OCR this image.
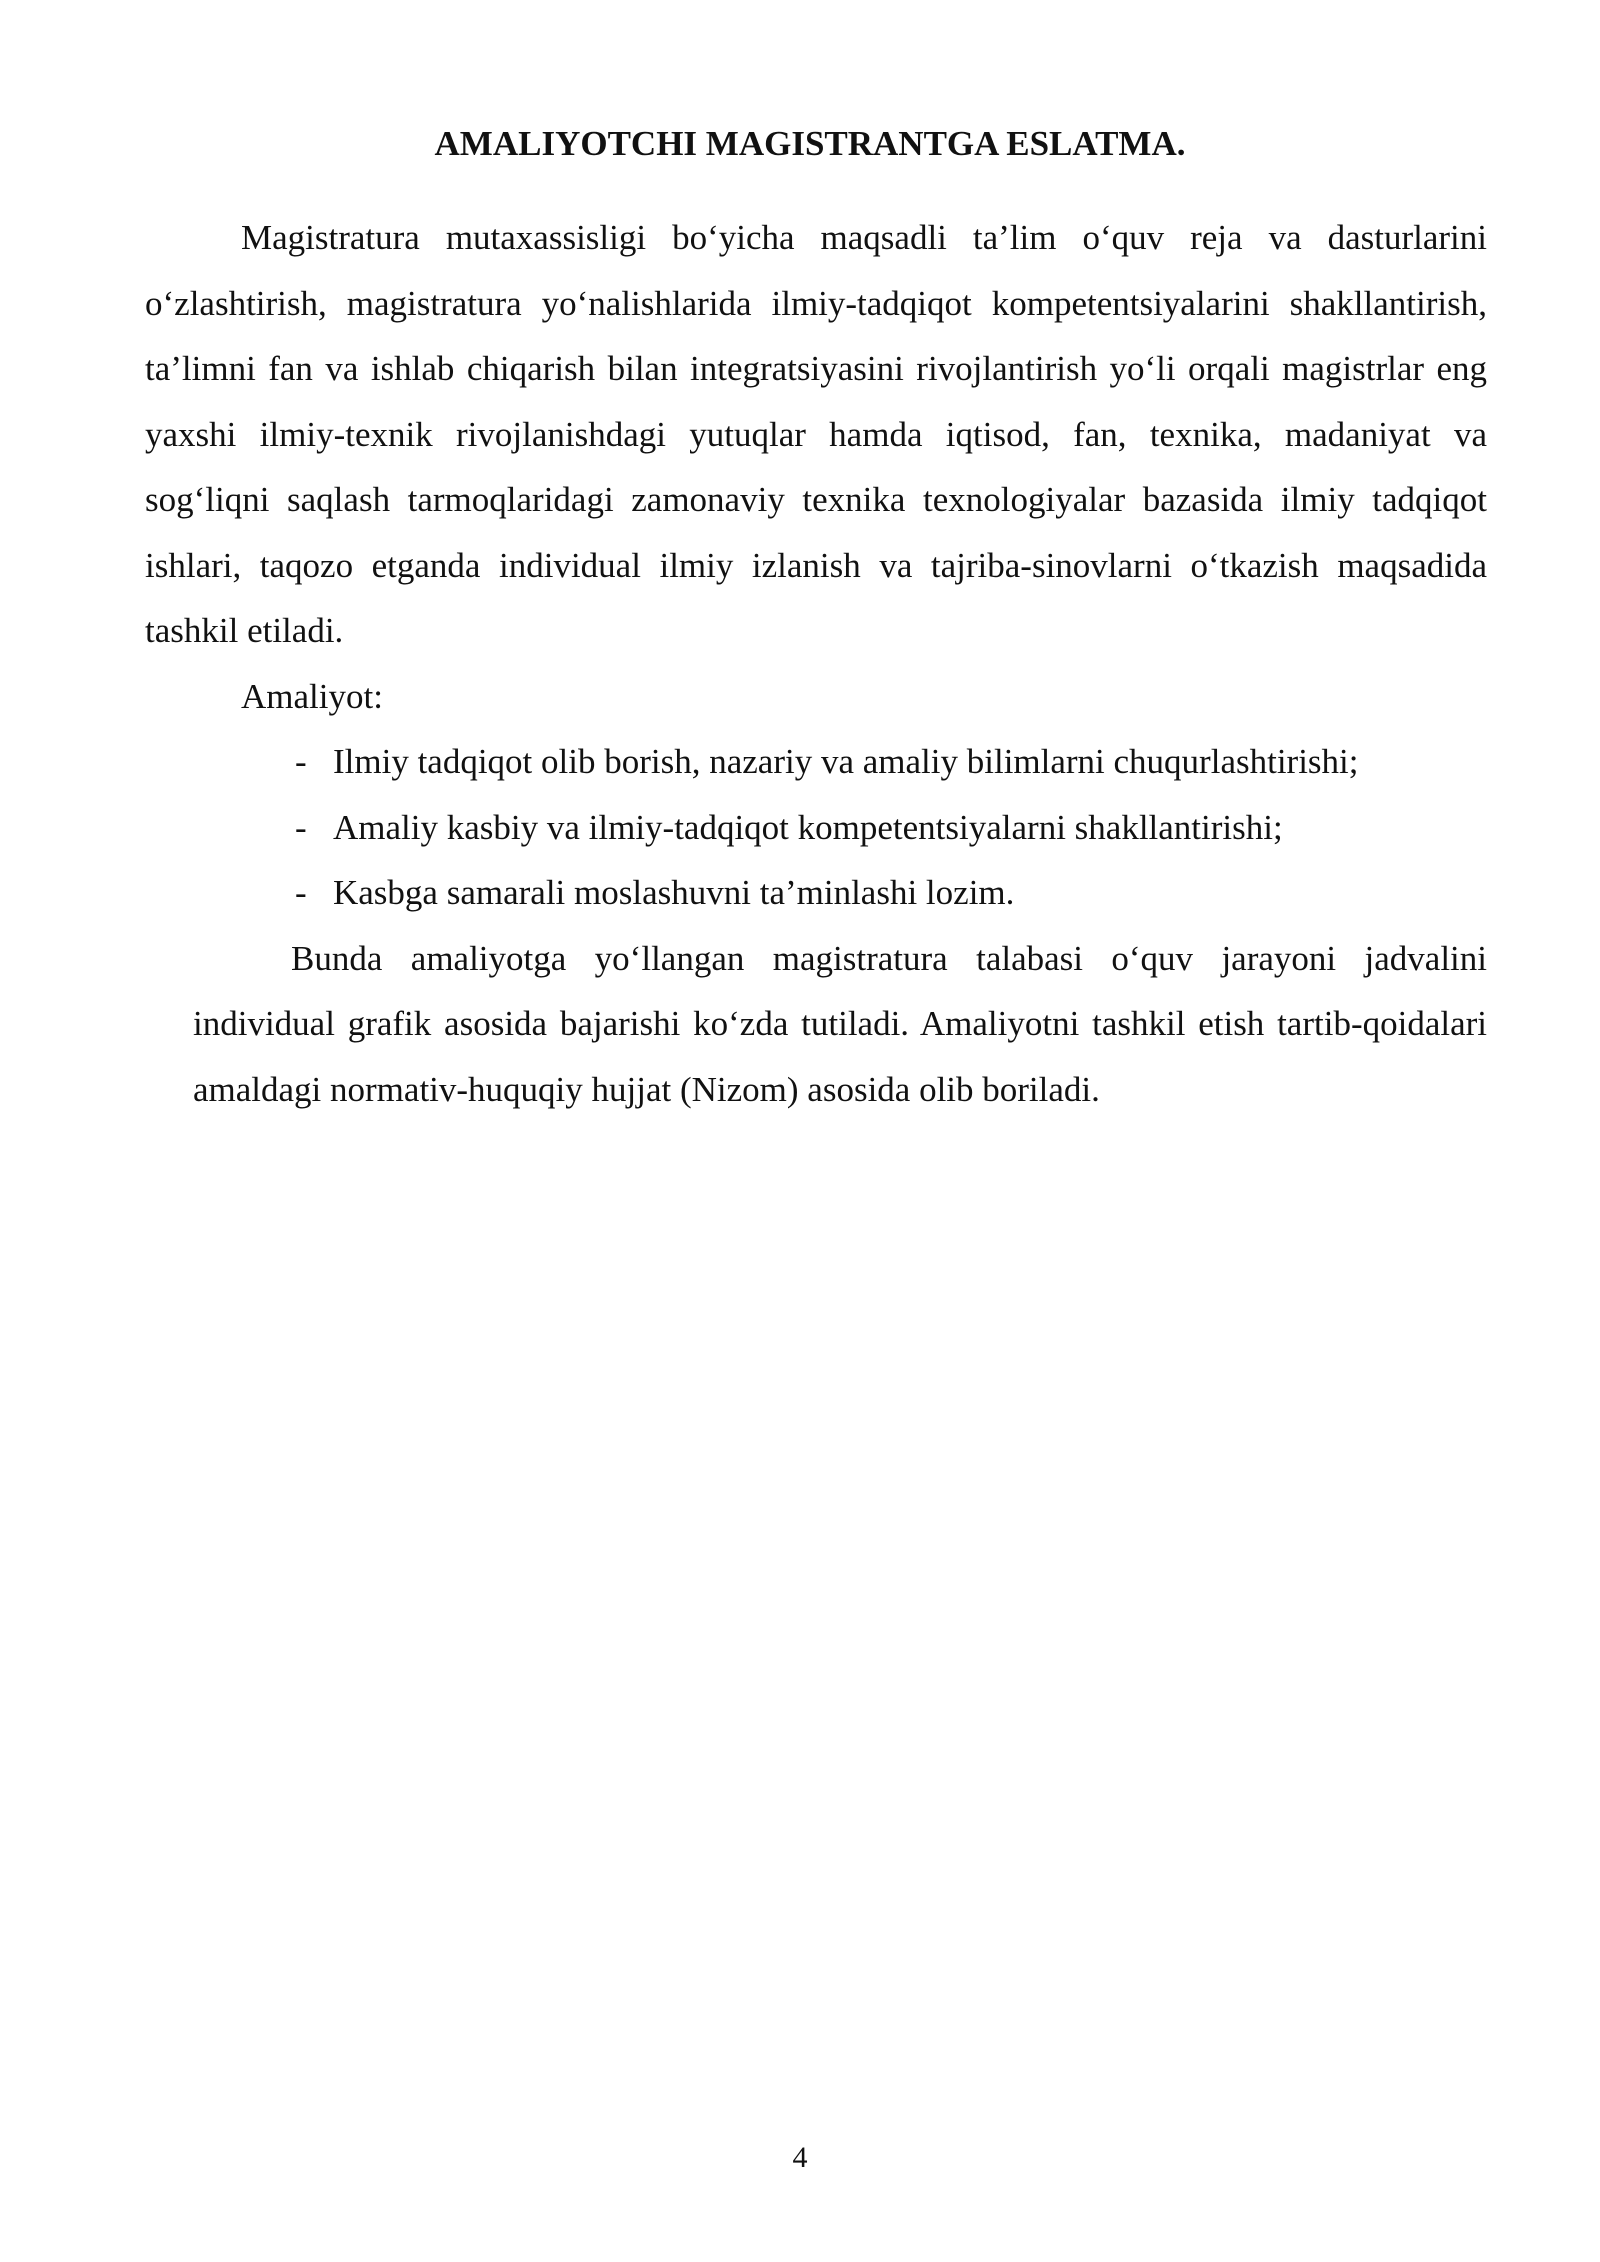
AMALIYOTCHI MAGISTRANTGA ESLATMA.

Magistratura mutaxassisligi bo‘yicha maqsadli ta’lim o‘quv reja va dasturlarini o‘zlashtirish, magistratura yo‘nalishlarida ilmiy-tadqiqot kompetentsiyalarini shakllantirish, ta’limni fan va ishlab chiqarish bilan integratsiyasini rivojlantirish yo‘li orqali magistrlar eng yaxshi ilmiy-texnik rivojlanishdagi yutuqlar hamda iqtisod, fan, texnika, madaniyat va sog‘liqni saqlash tarmoqlaridagi zamonaviy texnika texnologiyalar bazasida ilmiy tadqiqot ishlari, taqozo etganda individual ilmiy izlanish va tajriba-sinovlarni o‘tkazish maqsadida tashkil etiladi.

Amaliyot:

- Ilmiy tadqiqot olib borish, nazariy va amaliy bilimlarni chuqurlashtirishi;
- Amaliy kasbiy va ilmiy-tadqiqot kompetentsiyalarni shakllantirishi;
- Kasbga samarali moslashuvni ta’minlashi lozim.

Bunda amaliyotga yo‘llangan magistratura talabasi o‘quv jarayoni jadvalini individual grafik asosida bajarishi ko‘zda tutiladi. Amaliyotni tashkil etish tartib-qoidalari amaldagi normativ-huquqiy hujjat (Nizom) asosida olib boriladi.

4
